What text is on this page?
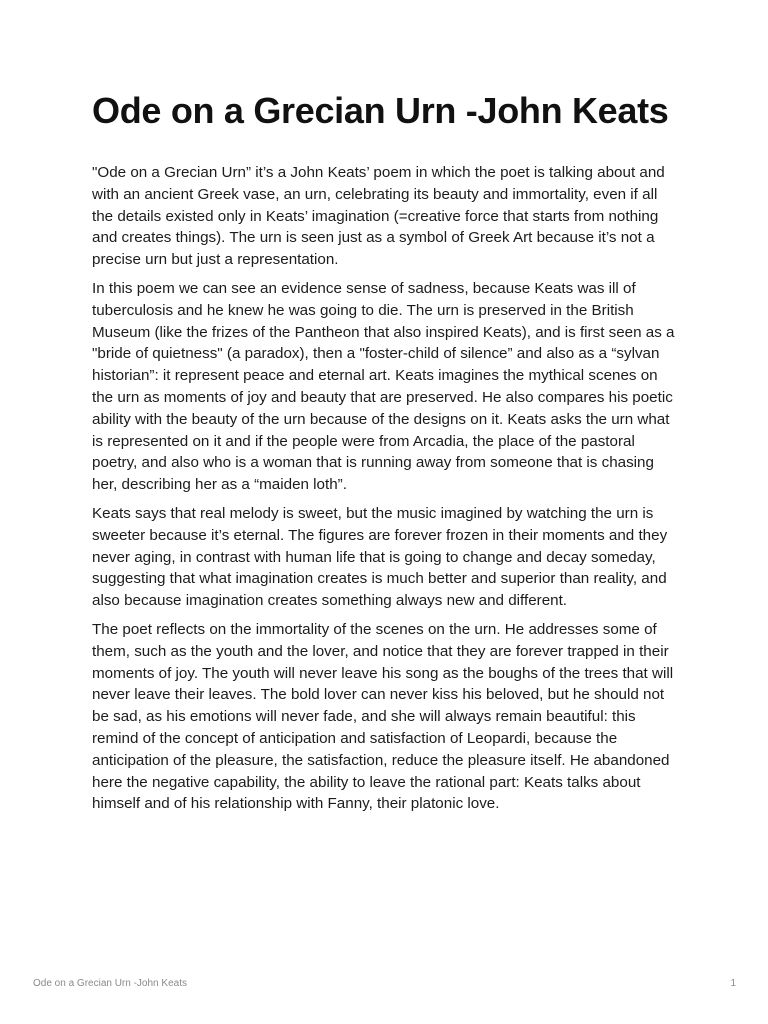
Ode on a Grecian Urn -John Keats

"Ode on a Grecian Urn” it’s a John Keats’ poem in which the poet is talking about and with an ancient Greek vase, an urn, celebrating its beauty and immortality, even if all the details existed only in Keats’ imagination (=creative force that starts from nothing and creates things). The urn is seen just as a symbol of Greek Art because it’s not a precise urn but just a representation.

In this poem we can see an evidence sense of sadness, because Keats was ill of tuberculosis and he knew he was going to die. The urn is preserved in the British Museum (like the frizes of the Pantheon that also inspired Keats), and is first seen as a "bride of quietness" (a paradox), then a "foster-child of silence” and also as a “sylvan historian”: it represent peace and eternal art. Keats imagines the mythical scenes on the urn as moments of joy and beauty that are preserved. He also compares his poetic ability with the beauty of the urn because of the designs on it. Keats asks the urn what is represented on it and if the people were from Arcadia, the place of the pastoral poetry, and also who is a woman that is running away from someone that is chasing her, describing her as a “maiden loth”.

Keats says that real melody is sweet, but the music imagined by watching the urn is sweeter because it’s eternal. The figures are forever frozen in their moments and they never aging, in contrast with human life that is going to change and decay someday, suggesting that what imagination creates is much better and superior than reality, and also because imagination creates something always new and different.

The poet reflects on the immortality of the scenes on the urn. He addresses some of them, such as the youth and the lover, and notice that they are forever trapped in their moments of joy. The youth will never leave his song as the boughs of the trees that will never leave their leaves. The bold lover can never kiss his beloved, but he should not be sad, as his emotions will never fade, and she will always remain beautiful: this remind of the concept of anticipation and satisfaction of Leopardi, because the anticipation of the pleasure, the satisfaction, reduce the pleasure itself. He abandoned here the negative capability, the ability to leave the rational part: Keats talks about himself and of his relationship with Fanny, their platonic love.

Ode on a Grecian Urn -John Keats	1
